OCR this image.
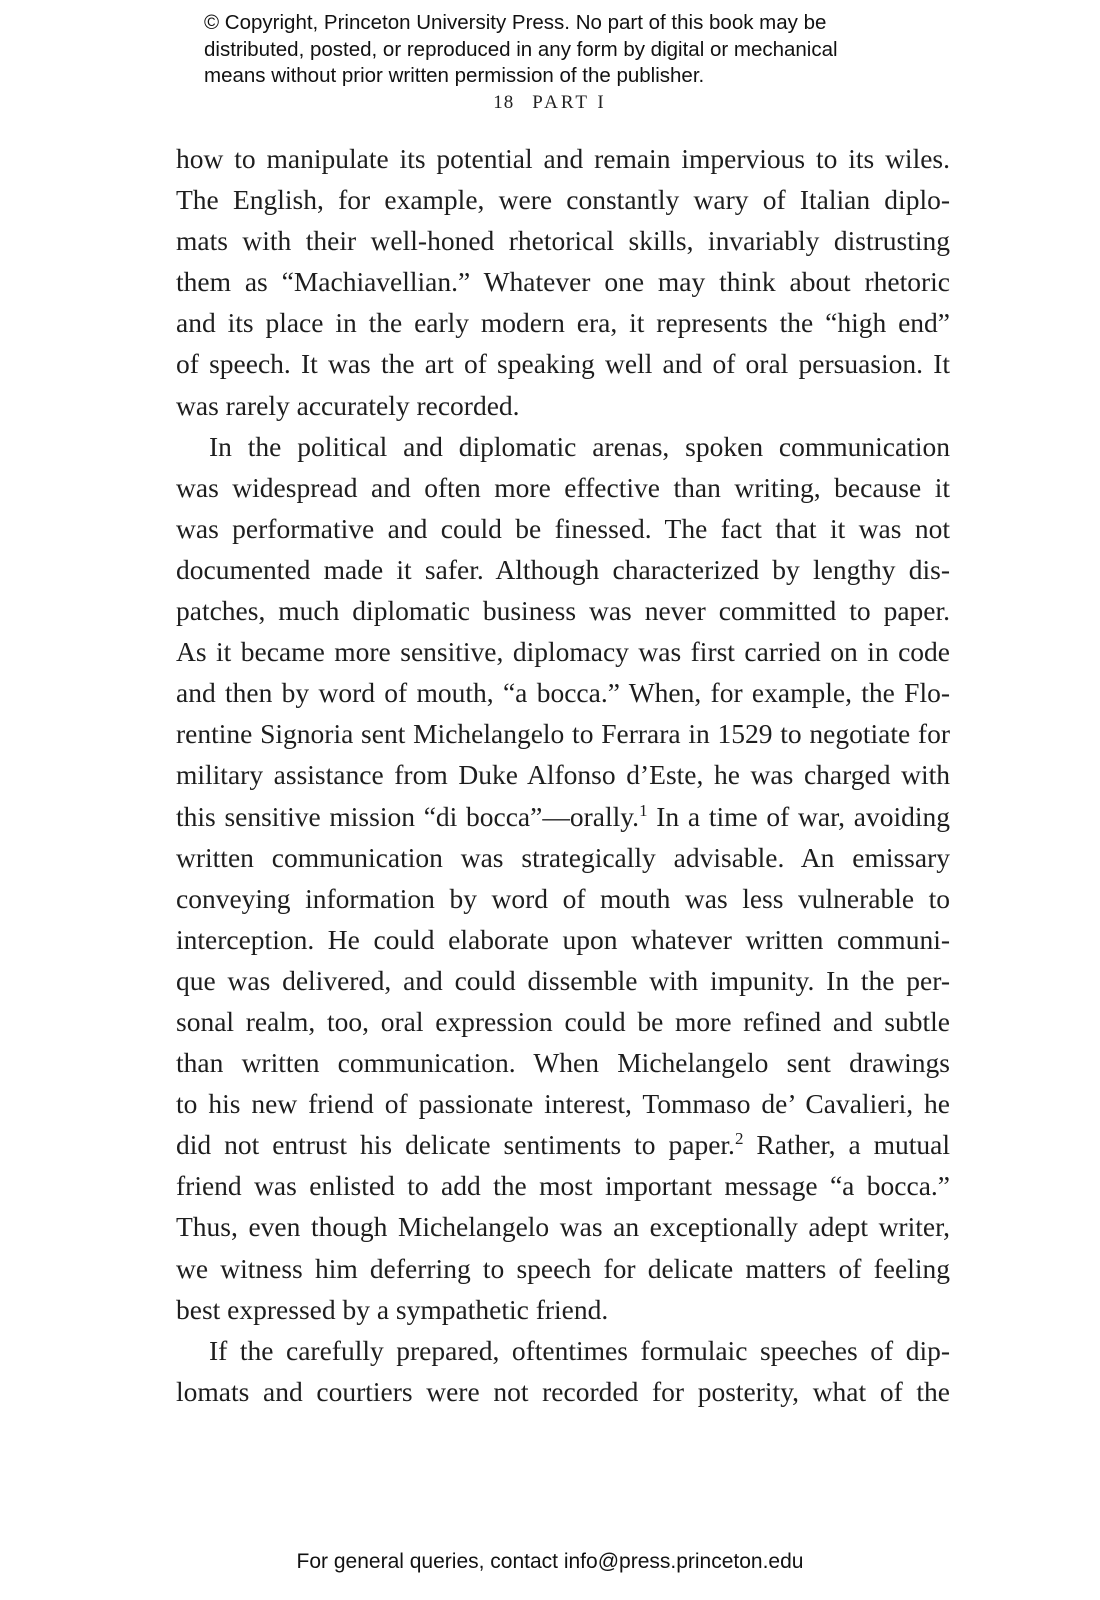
© Copyright, Princeton University Press. No part of this book may be
distributed, posted, or reproduced in any form by digital or mechanical
means without prior written permission of the publisher.
18 PART I

how to manipulate its potential and remain impervious to its wiles.
The English, for example, were constantly wary of Italian diplo-
mats with their well-honed rhetorical skills, invariably distrusting
them as “Machiavellian.” Whatever one may think about rhetoric
and its place in the early modern era, it represents the “high end”
of speech. It was the art of speaking well and of oral persuasion. It
was rarely accurately recorded.

In the political and diplomatic arenas, spoken communication
was widespread and often more effective than writing, because it
was performative and could be finessed. The fact that it was not
documented made it safer. Although characterized by lengthy dis-
patches, much diplomatic business was never committed to paper.
As it became more sensitive, diplomacy was first carried on in code
and then by word of mouth, “a bocca.” When, for example, the Flo-
rentine Signoria sent Michelangelo to Ferrara in 1529 to negotiate for
military assistance from Duke Alfonso d’Este, he was charged with
this sensitive mission “di bocca”—orally.$^1$ In a time of war, avoiding
written communication was strategically advisable. An emissary
conveying information by word of mouth was less vulnerable to
interception. He could elaborate upon whatever written communi-
que was delivered, and could dissemble with impunity. In the per-
sonal realm, too, oral expression could be more refined and subtle
than written communication. When Michelangelo sent drawings
to his new friend of passionate interest, Tommaso de’ Cavalieri, he
did not entrust his delicate sentiments to paper.$^2$ Rather, a mutual
friend was enlisted to add the most important message “a bocca.”
Thus, even though Michelangelo was an exceptionally adept writer,
we witness him deferring to speech for delicate matters of feeling
best expressed by a sympathetic friend.

If the carefully prepared, oftentimes formulaic speeches of dip-
lomats and courtiers were not recorded for posterity, what of the

For general queries, contact info@press.princeton.edu
